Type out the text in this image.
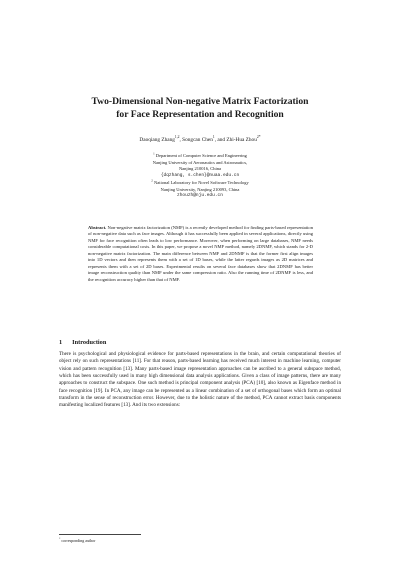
Two-Dimensional Non-negative Matrix Factorization
for Face Representation and Recognition
Daoqiang Zhang$^{1,2}$, Songcan Chen$^1$, and Zhi-Hua Zhou$^{2*}$
$^1$ Department of Computer Science and Engineering
Nanjing University of Aeronautics and Astronautics,
Nanjing 210016, China
{dqzhang, s.chen}@nuaa.edu.cn
$^2$ National Laboratory for Novel Software Technology
Nanjing University, Nanjing 210093, China
zhouzh@nju.edu.cn
Abstract. Non-negative matrix factorization (NMF) is a recently developed method for finding parts-based representation of non-negative data such as face images. Although it has successfully been applied in several applications, directly using NMF for face recognition often leads to low performance. Moreover, when performing on large databases, NMF needs considerable computational costs. In this paper, we propose a novel NMF method, namely 2DNMF, which stands for 2-D non-negative matrix factorization. The main difference between NMF and 2DNMF is that the former first align images into 1D vectors and then represents them with a set of 1D bases, while the latter regards images as 2D matrices and represents them with a set of 2D bases. Experimental results on several face databases show that 2DNMF has better image reconstruction quality than NMF under the same compression ratio. Also the running time of 2DNMF is less, and the recognition accuracy higher than that of NMF.
1 Introduction
There is psychological and physiological evidence for parts-based representations in the brain, and certain computational theories of object rely on such representations [11]. For that reason, parts-based learning has received much interest in machine learning, computer vision and pattern recognition [13]. Many parts-based image representation approaches can be ascribed to a general subspace method, which has been successfully used in many high dimensional data analysis applications. Given a class of image patterns, there are many approaches to construct the subspace. One such method is principal component analysis (PCA) [10], also known as Eigenface method in face recognition [19]. In PCA, any image can be represented as a linear combination of a set of orthogonal bases which form an optimal transform in the sense of reconstruction error. However, due to the holistic nature of the method, PCA cannot extract basis components manifesting localized features [13]. And its two extensions:
* corresponding author
